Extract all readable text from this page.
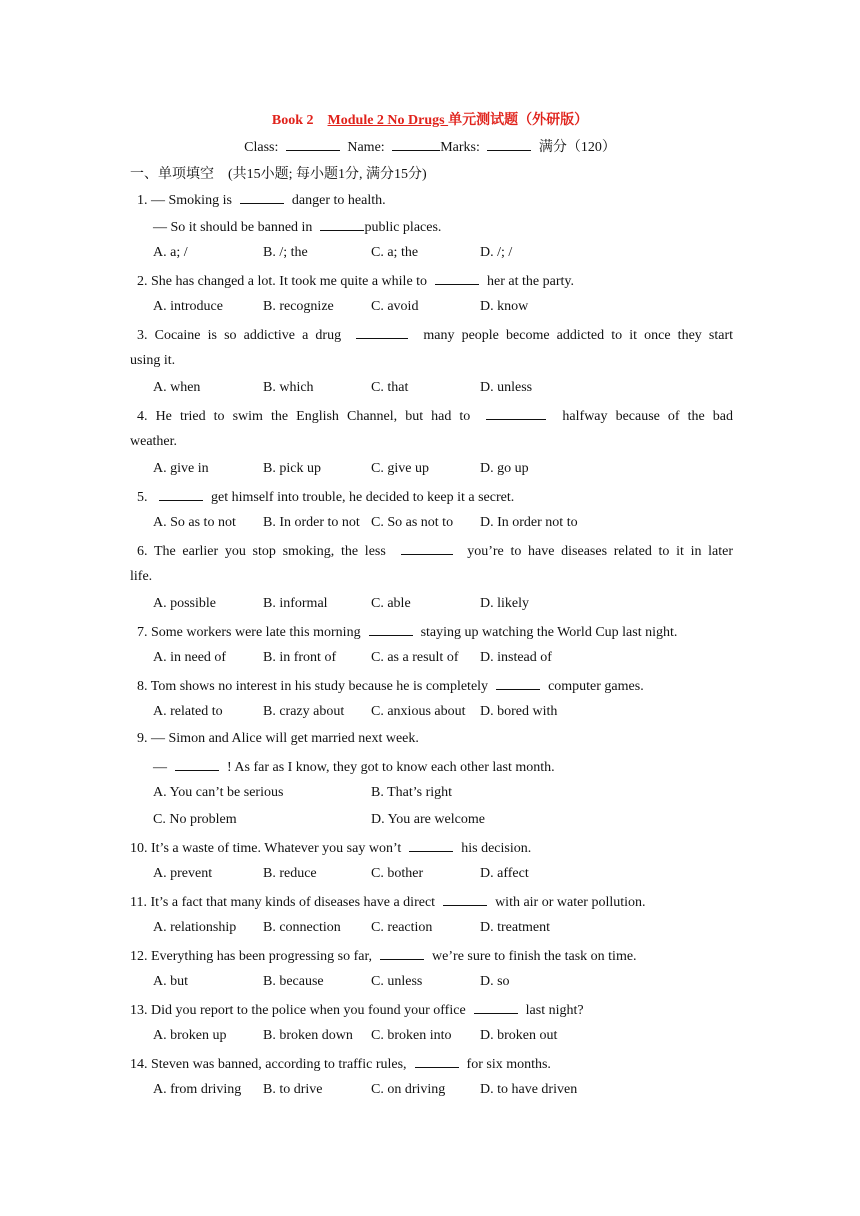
Book 2 Module 2 No Drugs 单元测试题（外研版）
Class:	Name:	Marks:	满分（120）
一、单项填空　(共15小题; 每小题1分, 满分15分)
1. — Smoking is	danger to health.
— So it should be banned in	public places.
A. a; /	B. /; the	C. a; the	D. /; /
2. She has changed a lot. It took me quite a while to	her at the party.
A. introduce	B. recognize	C. avoid	D. know
3. Cocaine is so addictive a drug	many people become addicted to it once they start
using it.
A. when	B. which	C. that	D. unless
4. He tried to swim the English Channel, but had to	halfway because of the bad
weather.
A. give in	B. pick up	C. give up	D. go up
5.	get himself into trouble, he decided to keep it a secret.
A. So as to not B. In order to not C. So as not to D. In order not to
6. The earlier you stop smoking, the less	you’re to have diseases related to it in later
life.
A. possible	B. informal	C. able	D. likely
7. Some workers were late this morning	staying up watching the World Cup last night.
A. in need of	B. in front of C. as a result of D. instead of
8. Tom shows no interest in his study because he is completely	computer games.
A. related to	B. crazy about C. anxious about D. bored with
9. — Simon and Alice will get married next week.
—	! As far as I know, they got to know each other last month.
A. You can’t be serious	B. That’s right
C. No problem	D. You are welcome
10. It’s a waste of time. Whatever you say won’t	his decision.
A. prevent	B. reduce	C. bother	D. affect
11. It’s a fact that many kinds of diseases have a direct	with air or water pollution.
A. relationship B. connection C. reaction	D. treatment
12. Everything has been progressing so far,	we’re sure to finish the task on time.
A. but	B. because	C. unless	D. so
13. Did you report to the police when you found your office	last night?
A. broken up	B. broken down C. broken into D. broken out
14. Steven was banned, according to traffic rules,	for six months.
A. from driving B. to drive	C. on driving D. to have driven
